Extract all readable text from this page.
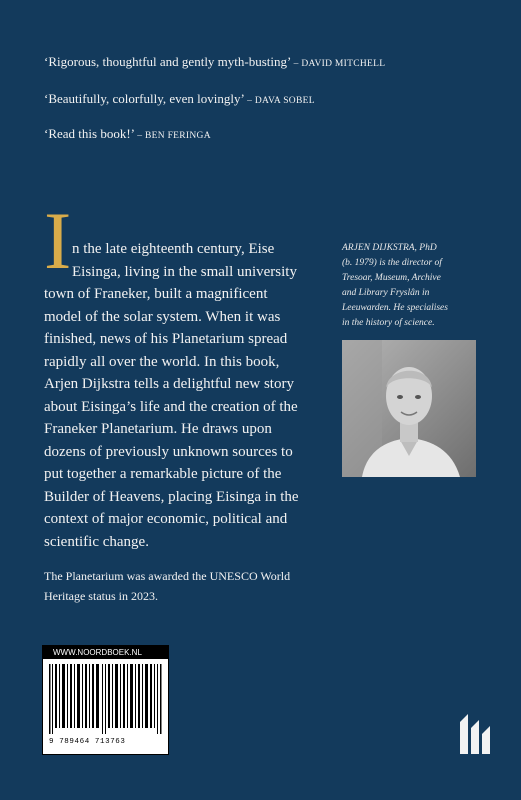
‘Rigorous, thoughtful and gently myth-busting’ – DAVID MITCHELL
‘Beautifully, colorfully, even lovingly’ – DAVA SOBEL
‘Read this book!’ – BEN FERINGA
I n the late eighteenth century, Eise
Eisinga, living in the small university
town of Franeker, built a magnificent
model of the solar system. When it was
finished, news of his Planetarium spread
rapidly all over the world. In this book,
Arjen Dijkstra tells a delightful new story
about Eisinga’s life and the creation of the
Franeker Planetarium. He draws upon
dozens of previously unknown sources to
put together a remarkable picture of the
Builder of Heavens, placing Eisinga in the
context of major economic, political and
scientific change.
The Planetarium was awarded the UNESCO World
Heritage status in 2023.
ARJEN DIJKSTRA, PhD
(b. 1979) is the director of
Tresoar, Museum, Archive
and Library Fryslân in
Leeuwarden. He specialises
in the history of science.
WWW.NOORDBOEK.NL
9 789464 713763
